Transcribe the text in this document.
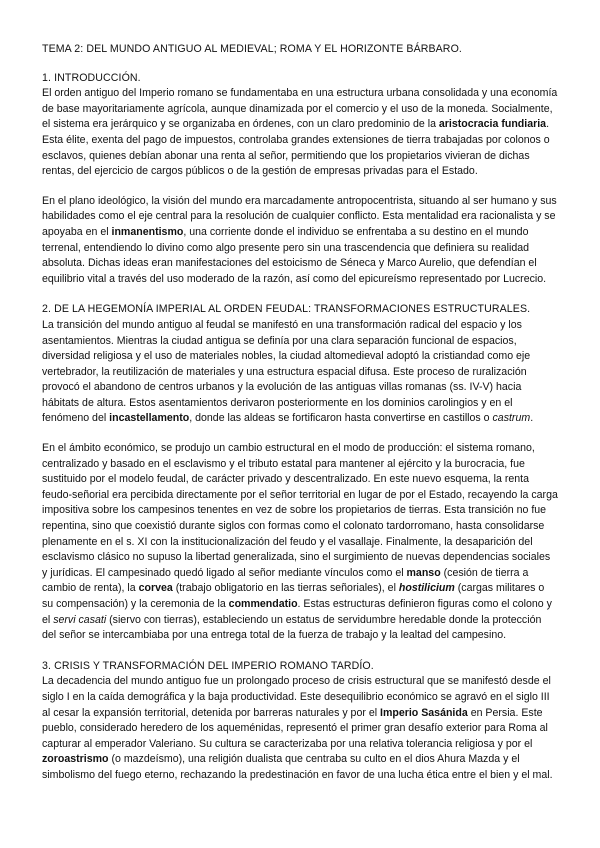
TEMA 2: DEL MUNDO ANTIGUO AL MEDIEVAL; ROMA Y EL HORIZONTE BÁRBARO.

1. INTRODUCCIÓN.

El orden antiguo del Imperio romano se fundamentaba en una estructura urbana consolidada y una economía de base mayoritariamente agrícola, aunque dinamizada por el comercio y el uso de la moneda. Socialmente, el sistema era jerárquico y se organizaba en órdenes, con un claro predominio de la aristocracia fundiaria. Esta élite, exenta del pago de impuestos, controlaba grandes extensiones de tierra trabajadas por colonos o esclavos, quienes debían abonar una renta al señor, permitiendo que los propietarios vivieran de dichas rentas, del ejercicio de cargos públicos o de la gestión de empresas privadas para el Estado.

En el plano ideológico, la visión del mundo era marcadamente antropocentrista, situando al ser humano y sus habilidades como el eje central para la resolución de cualquier conflicto. Esta mentalidad era racionalista y se apoyaba en el inmanentismo, una corriente donde el individuo se enfrentaba a su destino en el mundo terrenal, entendiendo lo divino como algo presente pero sin una trascendencia que definiera su realidad absoluta. Dichas ideas eran manifestaciones del estoicismo de Séneca y Marco Aurelio, que defendían el equilibrio vital a través del uso moderado de la razón, así como del epicureísmo representado por Lucrecio.

2. DE LA HEGEMONÍA IMPERIAL AL ORDEN FEUDAL: TRANSFORMACIONES ESTRUCTURALES.

La transición del mundo antiguo al feudal se manifestó en una transformación radical del espacio y los asentamientos. Mientras la ciudad antigua se definía por una clara separación funcional de espacios, diversidad religiosa y el uso de materiales nobles, la ciudad altomedieval adoptó la cristiandad como eje vertebrador, la reutilización de materiales y una estructura espacial difusa. Este proceso de ruralización provocó el abandono de centros urbanos y la evolución de las antiguas villas romanas (ss. IV-V) hacia hábitats de altura. Estos asentamientos derivaron posteriormente en los dominios carolingios y en el fenómeno del incastellamento, donde las aldeas se fortificaron hasta convertirse en castillos o castrum.

En el ámbito económico, se produjo un cambio estructural en el modo de producción: el sistema romano, centralizado y basado en el esclavismo y el tributo estatal para mantener al ejército y la burocracia, fue sustituido por el modelo feudal, de carácter privado y descentralizado. En este nuevo esquema, la renta feudo-señorial era percibida directamente por el señor territorial en lugar de por el Estado, recayendo la carga impositiva sobre los campesinos tenentes en vez de sobre los propietarios de tierras. Esta transición no fue repentina, sino que coexistió durante siglos con formas como el colonato tardorromano, hasta consolidarse plenamente en el s. XI con la institucionalización del feudo y el vasallaje. Finalmente, la desaparición del esclavismo clásico no supuso la libertad generalizada, sino el surgimiento de nuevas dependencias sociales y jurídicas. El campesinado quedó ligado al señor mediante vínculos como el manso (cesión de tierra a cambio de renta), la corvea (trabajo obligatorio en las tierras señoriales), el hostilicium (cargas militares o su compensación) y la ceremonia de la commendatio. Estas estructuras definieron figuras como el colono y el servi casati (siervo con tierras), estableciendo un estatus de servidumbre heredable donde la protección del señor se intercambiaba por una entrega total de la fuerza de trabajo y la lealtad del campesino.

3. CRISIS Y TRANSFORMACIÓN DEL IMPERIO ROMANO TARDÍO.

La decadencia del mundo antiguo fue un prolongado proceso de crisis estructural que se manifestó desde el siglo I en la caída demográfica y la baja productividad. Este desequilibrio económico se agravó en el siglo III al cesar la expansión territorial, detenida por barreras naturales y por el Imperio Sasánida en Persia. Este pueblo, considerado heredero de los aqueménidas, representó el primer gran desafío exterior para Roma al capturar al emperador Valeriano. Su cultura se caracterizaba por una relativa tolerancia religiosa y por el zoroastrismo (o mazdeísmo), una religión dualista que centraba su culto en el dios Ahura Mazda y el simbolismo del fuego eterno, rechazando la predestinación en favor de una lucha ética entre el bien y el mal.
